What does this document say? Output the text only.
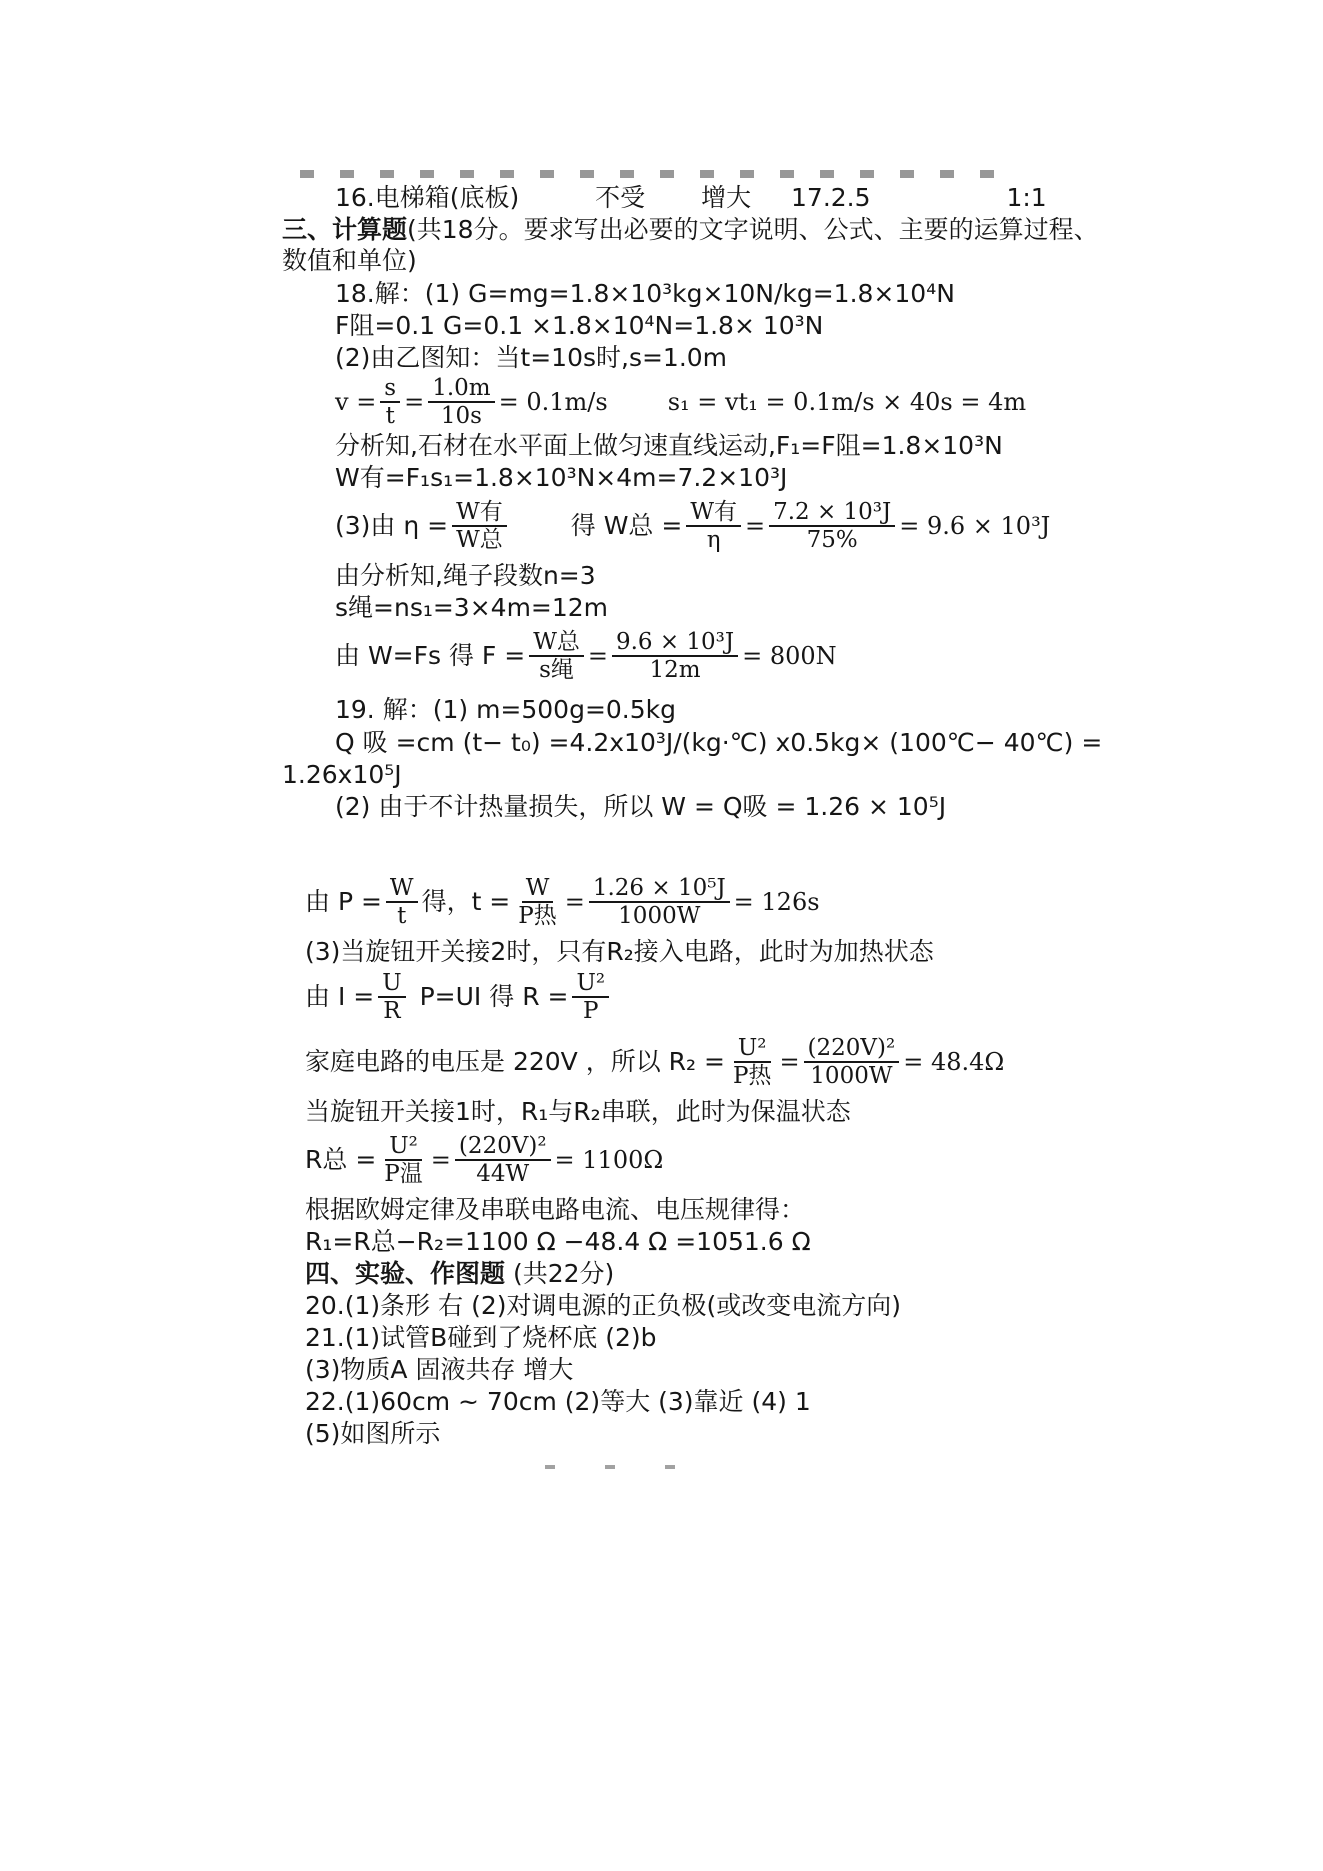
16.电梯箱(底板)	不受 增大 17.2.5	1:1
三、计算题(共18分。要求写出必要的文字说明、公式、主要的运算过程、
数值和单位)
18.解：(1) G=mg=1.8×10³kg×10N/kg=1.8×10⁴N
F阻=0.1 G=0.1 ×1.8×10⁴N=1.8× 10³N
(2)由乙图知：当t=10s时,s=1.0m
$v = \frac{s}{t} = \frac{1.0m}{10s} = 0.1m/s$	s₁ = vt₁ = 0.1m/s × 40s = 4m
分析知,石材在水平面上做匀速直线运动,F₁=F阻=1.8×10³N
W有=F₁s₁=1.8×10³N×4m=7.2×10³J
(3)由 $\eta = \frac{\text{W有}}{\text{W总}}$	得 W总 = $\frac{\text{W有}}{\eta} = \frac{\text{7.2 × 10³J}}{75\%} = 9.6 \times 10^3J$
由分析知,绳子段数n=3
s绳=ns₁=3×4m=12m
由 W=Fs 得 $F = \frac{\text{W总}}{\text{s绳}} = \frac{\text{9.6 × 10³J}}{12m} = 800N$
19. 解：(1) m=500g=0.5kg
Q 吸 =cm (t− t₀) =4.2x10³J/(kg·℃) x0.5kg× (100℃− 40℃) =
1.26x10⁵J
(2) 由于不计热量损失，所以 W = Q吸 = 1.26 × 10⁵J
由 $P = \frac{W}{t}$ 得，$t = \frac{W}{\text{P热}} = \frac{\text{1.26 × 10⁵J}}{1000W} = 126s$
(3)当旋钮开关接2时，只有R₂接入电路，此时为加热状态
由 $I = \frac{U}{R} P=UI$ 得 $R = \frac{\text{U²}}{P}$
家庭电路的电压是 220V ，所以 $R_2 = \frac{\text{U²}}{\text{P热}} = \frac{\text{(220V)²}}{1000W} = 48.4\Omega$
当旋钮开关接1时，R₁与R₂串联，此时为保温状态
R总 = $\frac{\text{U²}}{\text{P温}} = \frac{\text{(220V)²}}{44W} = 1100\Omega$
根据欧姆定律及串联电路电流、电压规律得：
R₁=R总−R₂=1100 Ω −48.4 Ω =1051.6 Ω
四、实验、作图题 (共22分)
20.(1)条形 右 (2)对调电源的正负极(或改变电流方向)
21.(1)试管B碰到了烧杯底 (2)b
(3)物质A 固液共存 增大
22.(1)60cm ~ 70cm (2)等大 (3)靠近 (4) 1
(5)如图所示
